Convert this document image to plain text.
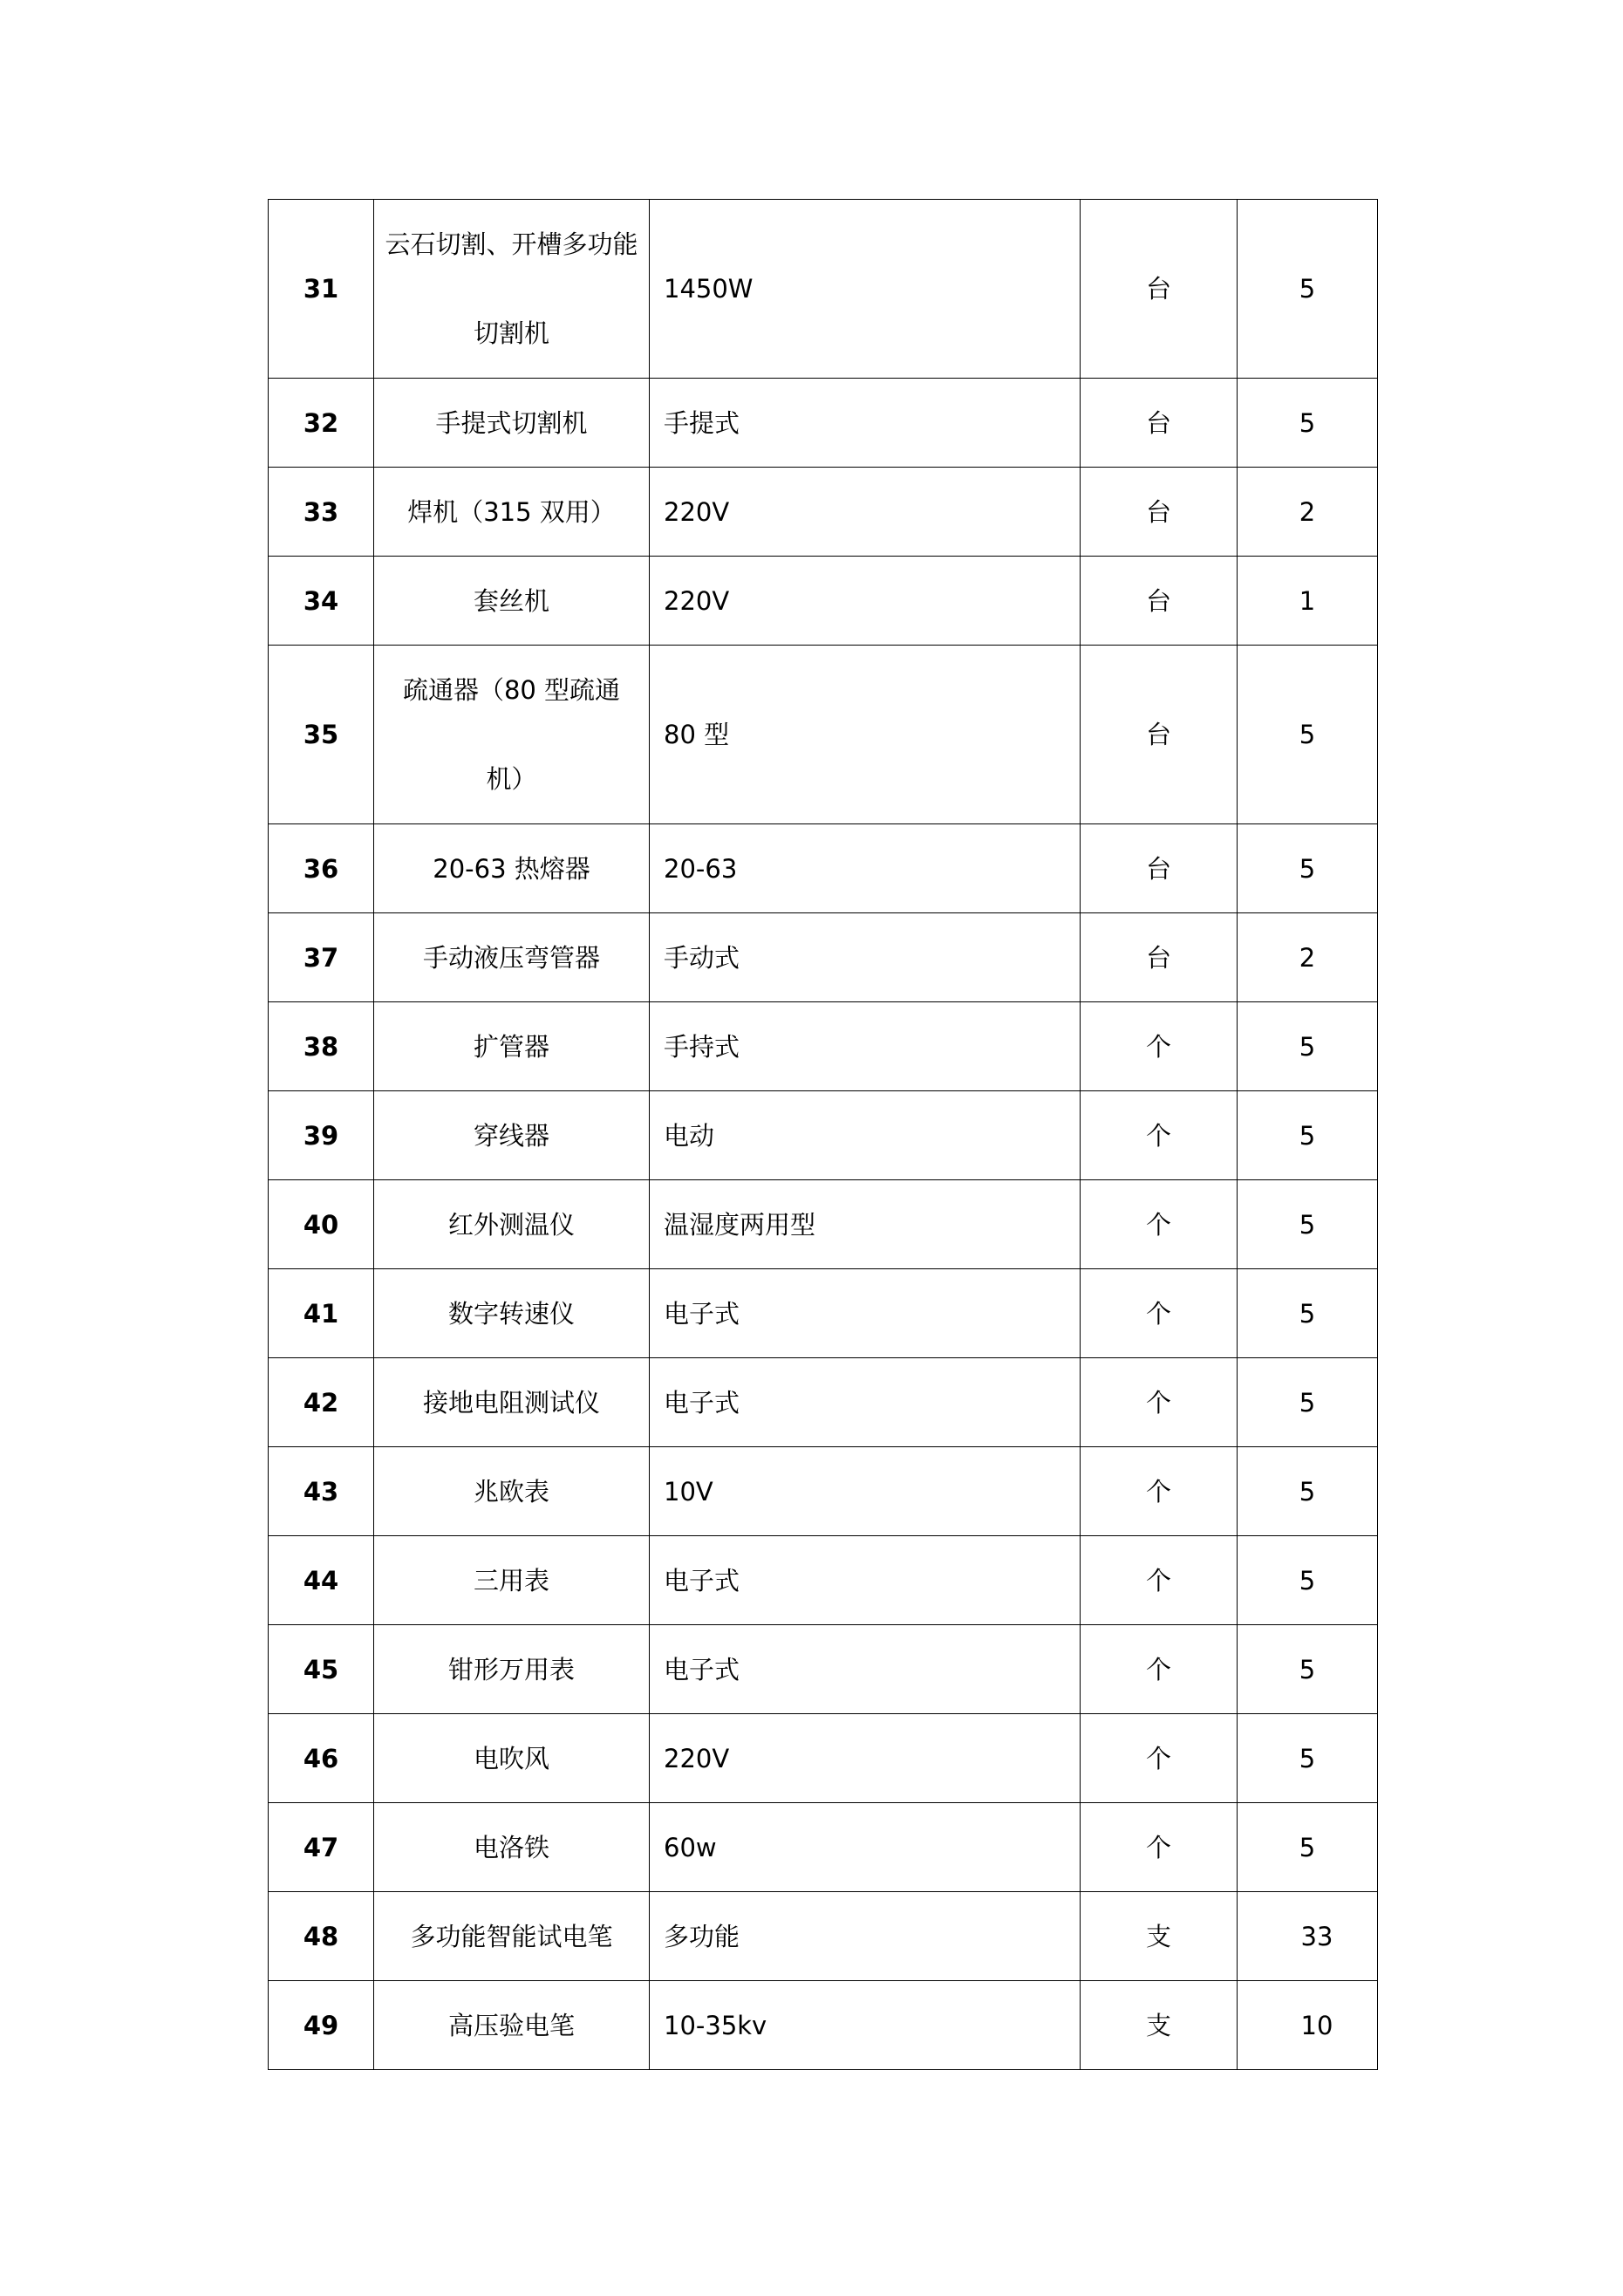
31	云石切割、开槽多功能切割机	1450W	台	5
32	手提式切割机	手提式	台	5
33	焊机（315 双用）	220V	台	2
34	套丝机	220V	台	1
35	疏通器（80 型疏通机）	80 型	台	5
36	20-63 热熔器	20-63	台	5
37	手动液压弯管器	手动式	台	2
38	扩管器	手持式	个	5
39	穿线器	电动	个	5
40	红外测温仪	温湿度两用型	个	5
41	数字转速仪	电子式	个	5
42	接地电阻测试仪	电子式	个	5
43	兆欧表	10V	个	5
44	三用表	电子式	个	5
45	钳形万用表	电子式	个	5
46	电吹风	220V	个	5
47	电洛铁	60w	个	5
48	多功能智能试电笔	多功能	支	33
49	高压验电笔	10-35kv	支	10
